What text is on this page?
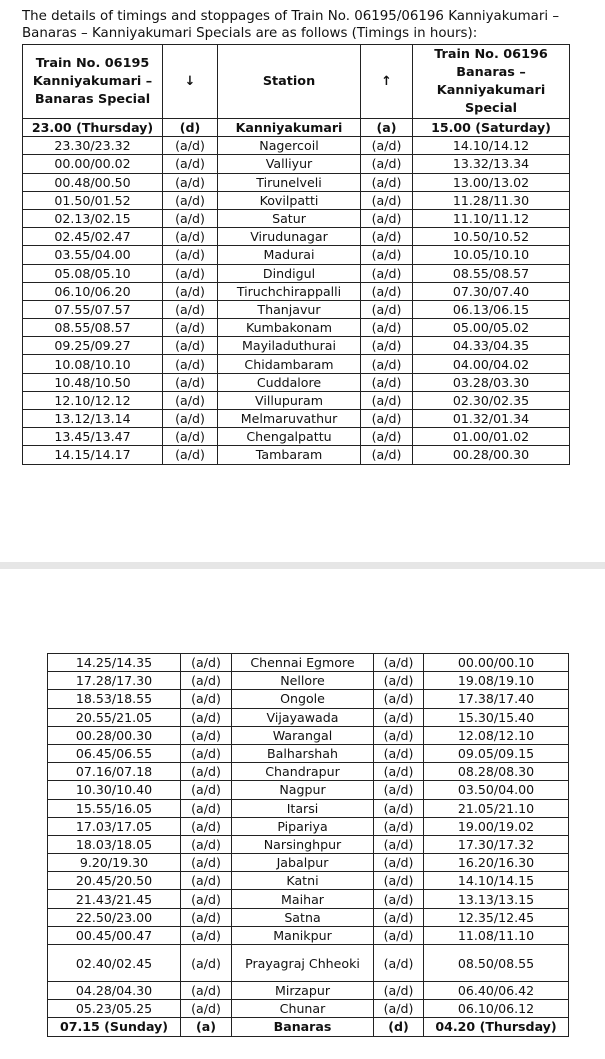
The details of timings and stoppages of Train No. 06195/06196 Kanniyakumari – Banaras – Kanniyakumari Specials are as follows (Timings in hours):

Train No. 06195 Kanniyakumari – Banaras Special	↓	Station	↑	Train No. 06196 Banaras – Kanniyakumari Special
23.00 (Thursday)	(d)	Kanniyakumari	(a)	15.00 (Saturday)
23.30/23.32	(a/d)	Nagercoil	(a/d)	14.10/14.12
00.00/00.02	(a/d)	Valliyur	(a/d)	13.32/13.34
00.48/00.50	(a/d)	Tirunelveli	(a/d)	13.00/13.02
01.50/01.52	(a/d)	Kovilpatti	(a/d)	11.28/11.30
02.13/02.15	(a/d)	Satur	(a/d)	11.10/11.12
02.45/02.47	(a/d)	Virudunagar	(a/d)	10.50/10.52
03.55/04.00	(a/d)	Madurai	(a/d)	10.05/10.10
05.08/05.10	(a/d)	Dindigul	(a/d)	08.55/08.57
06.10/06.20	(a/d)	Tiruchchirappalli	(a/d)	07.30/07.40
07.55/07.57	(a/d)	Thanjavur	(a/d)	06.13/06.15
08.55/08.57	(a/d)	Kumbakonam	(a/d)	05.00/05.02
09.25/09.27	(a/d)	Mayiladuthurai	(a/d)	04.33/04.35
10.08/10.10	(a/d)	Chidambaram	(a/d)	04.00/04.02
10.48/10.50	(a/d)	Cuddalore	(a/d)	03.28/03.30
12.10/12.12	(a/d)	Villupuram	(a/d)	02.30/02.35
13.12/13.14	(a/d)	Melmaruvathur	(a/d)	01.32/01.34
13.45/13.47	(a/d)	Chengalpattu	(a/d)	01.00/01.02
14.15/14.17	(a/d)	Tambaram	(a/d)	00.28/00.30
14.25/14.35	(a/d)	Chennai Egmore	(a/d)	00.00/00.10
17.28/17.30	(a/d)	Nellore	(a/d)	19.08/19.10
18.53/18.55	(a/d)	Ongole	(a/d)	17.38/17.40
20.55/21.05	(a/d)	Vijayawada	(a/d)	15.30/15.40
00.28/00.30	(a/d)	Warangal	(a/d)	12.08/12.10
06.45/06.55	(a/d)	Balharshah	(a/d)	09.05/09.15
07.16/07.18	(a/d)	Chandrapur	(a/d)	08.28/08.30
10.30/10.40	(a/d)	Nagpur	(a/d)	03.50/04.00
15.55/16.05	(a/d)	Itarsi	(a/d)	21.05/21.10
17.03/17.05	(a/d)	Pipariya	(a/d)	19.00/19.02
18.03/18.05	(a/d)	Narsinghpur	(a/d)	17.30/17.32
9.20/19.30	(a/d)	Jabalpur	(a/d)	16.20/16.30
20.45/20.50	(a/d)	Katni	(a/d)	14.10/14.15
21.43/21.45	(a/d)	Maihar	(a/d)	13.13/13.15
22.50/23.00	(a/d)	Satna	(a/d)	12.35/12.45
00.45/00.47	(a/d)	Manikpur	(a/d)	11.08/11.10
02.40/02.45	(a/d)	Prayagraj Chheoki	(a/d)	08.50/08.55
04.28/04.30	(a/d)	Mirzapur	(a/d)	06.40/06.42
05.23/05.25	(a/d)	Chunar	(a/d)	06.10/06.12
07.15 (Sunday)	(a)	Banaras	(d)	04.20 (Thursday)
